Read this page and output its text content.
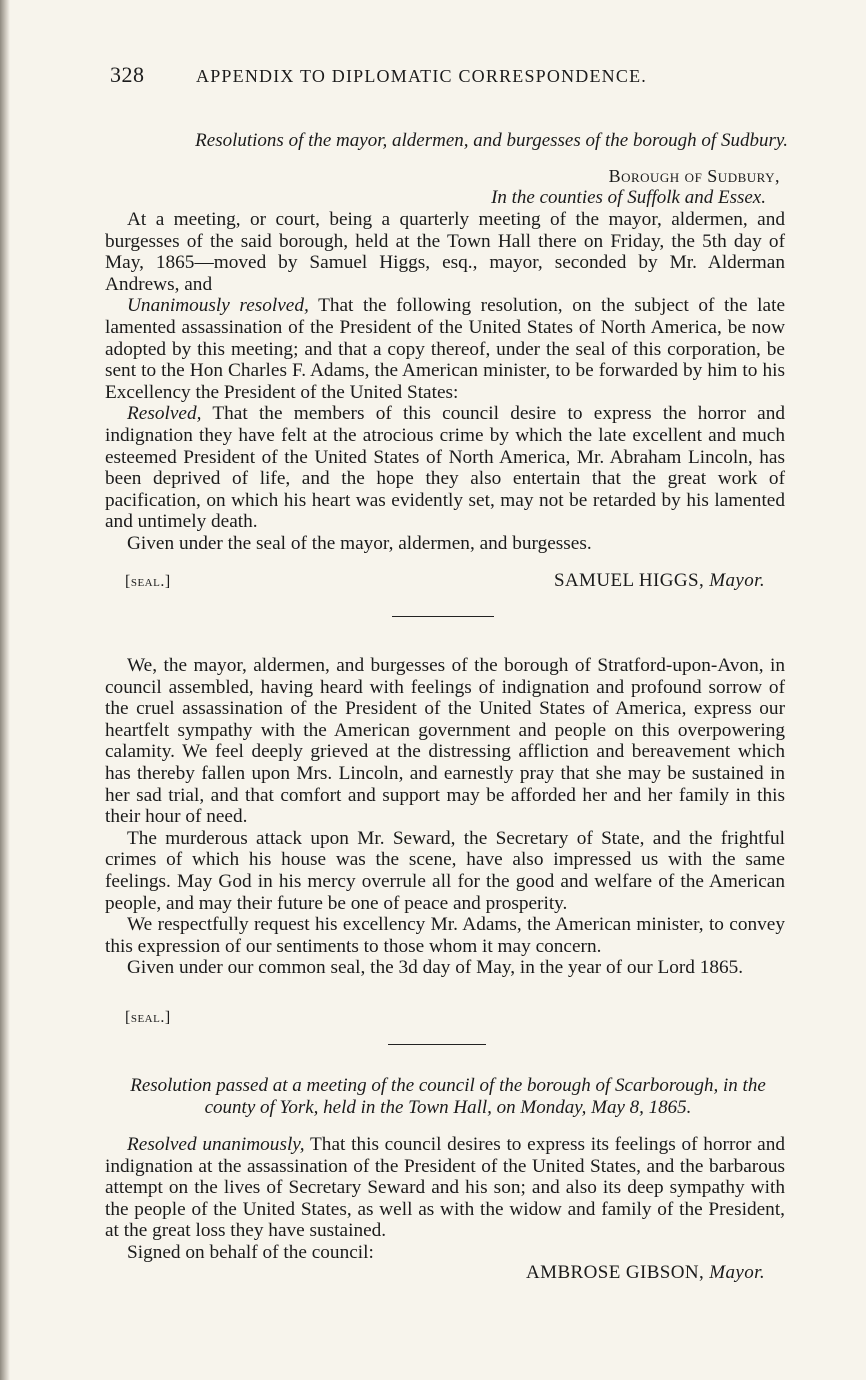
328	APPENDIX TO DIPLOMATIC CORRESPONDENCE.
Resolutions of the mayor, aldermen, and burgesses of the borough of Sudbury.
Borough of Sudbury,
In the counties of Suffolk and Essex.

At a meeting, or court, being a quarterly meeting of the mayor, aldermen, and burgesses of the said borough, held at the Town Hall there on Friday, the 5th day of May, 1865—moved by Samuel Higgs, esq., mayor, seconded by Mr. Alderman Andrews, and

Unanimously resolved, That the following resolution, on the subject of the late lamented assassination of the President of the United States of North America, be now adopted by this meeting; and that a copy thereof, under the seal of this corporation, be sent to the Hon Charles F. Adams, the American minister, to be forwarded by him to his Excellency the President of the United States:

Resolved, That the members of this council desire to express the horror and indignation they have felt at the atrocious crime by which the late excellent and much esteemed President of the United States of North America, Mr. Abraham Lincoln, has been deprived of life, and the hope they also entertain that the great work of pacification, on which his heart was evidently set, may not be retarded by his lamented and untimely death.

Given under the seal of the mayor, aldermen, and burgesses.

[seal.]	SAMUEL HIGGS, Mayor.

We, the mayor, aldermen, and burgesses of the borough of Stratford-upon-Avon, in council assembled, having heard with feelings of indignation and profound sorrow of the cruel assassination of the President of the United States of America, express our heartfelt sympathy with the American government and people on this overpowering calamity. We feel deeply grieved at the distressing affliction and bereavement which has thereby fallen upon Mrs. Lincoln, and earnestly pray that she may be sustained in her sad trial, and that comfort and support may be afforded her and her family in this their hour of need.

The murderous attack upon Mr. Seward, the Secretary of State, and the frightful crimes of which his house was the scene, have also impressed us with the same feelings. May God in his mercy overrule all for the good and welfare of the American people, and may their future be one of peace and prosperity.

We respectfully request his excellency Mr. Adams, the American minister, to convey this expression of our sentiments to those whom it may concern.

Given under our common seal, the 3d day of May, in the year of our Lord 1865.

[seal.]
Resolution passed at a meeting of the council of the borough of Scarborough, in the county of York, held in the Town Hall, on Monday, May 8, 1865.

Resolved unanimously, That this council desires to express its feelings of horror and indignation at the assassination of the President of the United States, and the barbarous attempt on the lives of Secretary Seward and his son; and also its deep sympathy with the people of the United States, as well as with the widow and family of the President, at the great loss they have sustained.

Signed on behalf of the council:

AMBROSE GIBSON, Mayor.
